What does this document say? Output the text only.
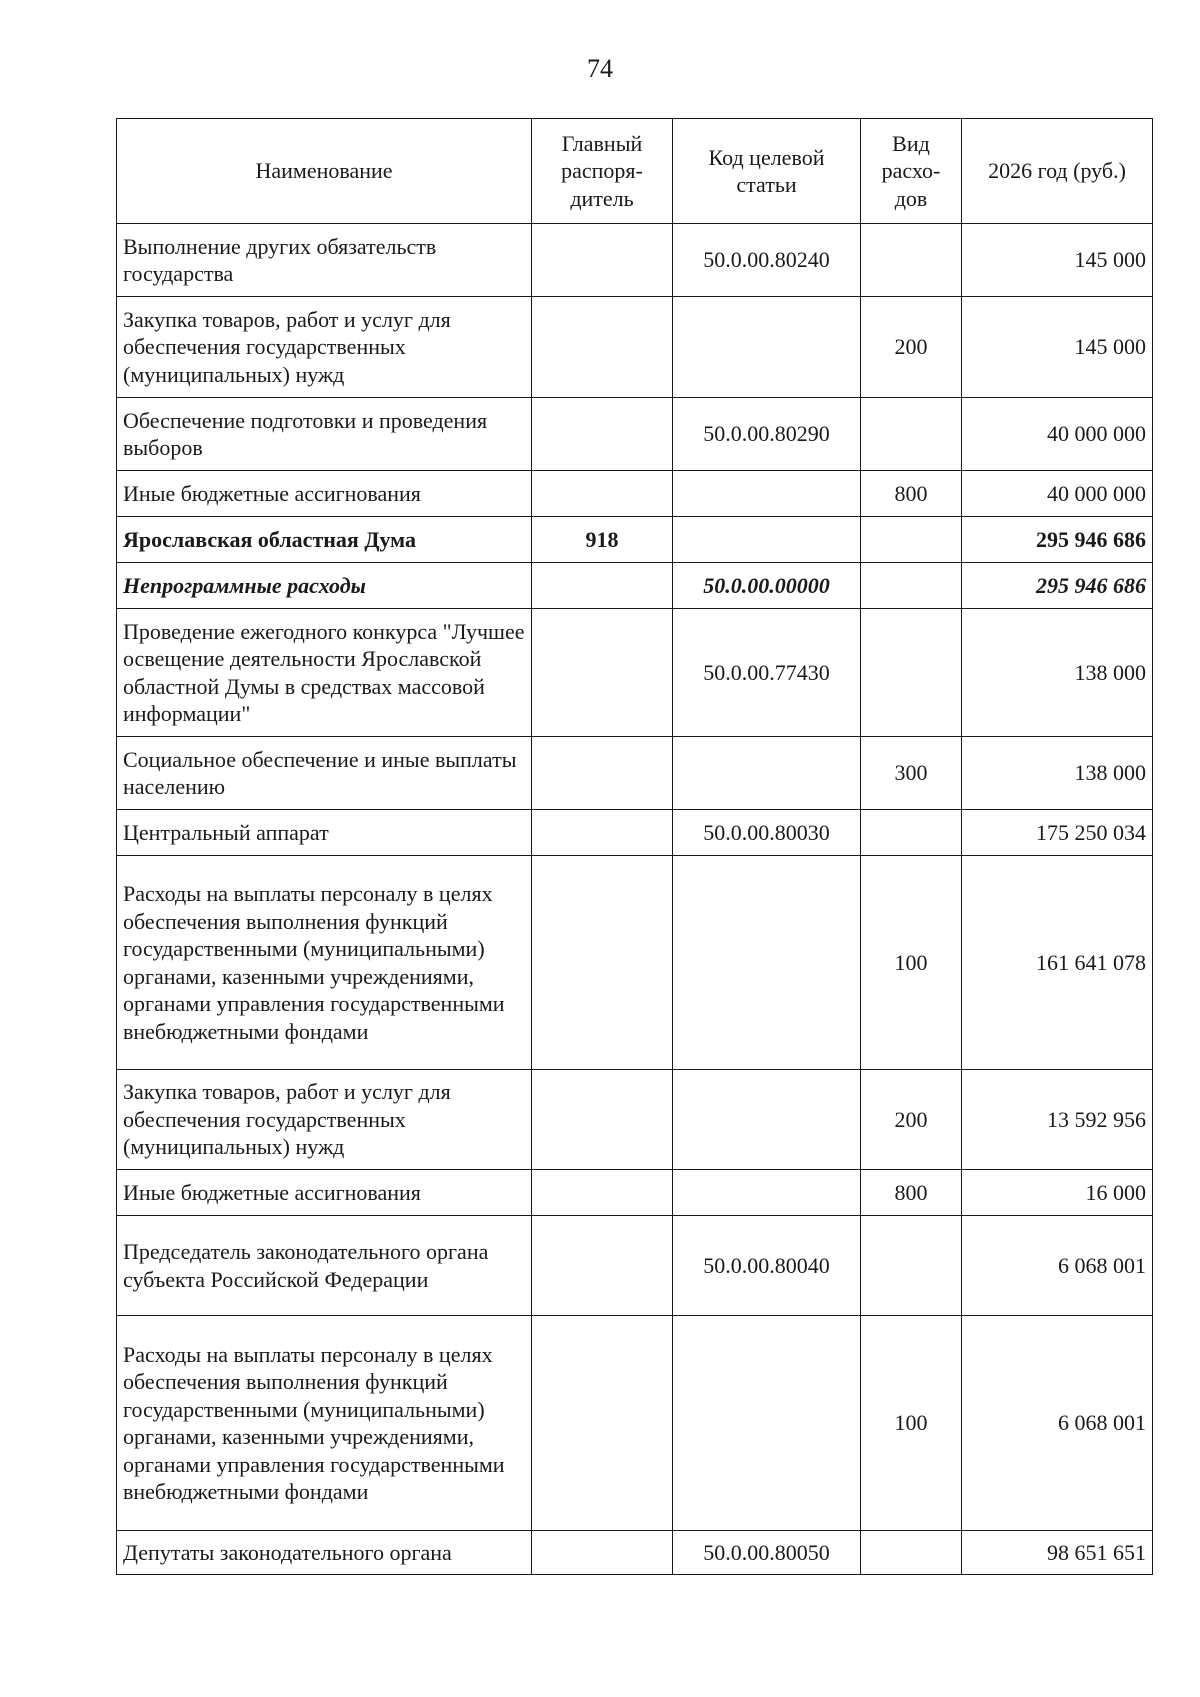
74
Наименование	Главный распоря-дитель	Код целевой статьи	Вид расхо-дов	2026 год (руб.)
Выполнение других обязательств государства		50.0.00.80240		145 000
Закупка товаров, работ и услуг для обеспечения государственных (муниципальных) нужд			200	145 000
Обеспечение подготовки и проведения выборов		50.0.00.80290		40 000 000
Иные бюджетные ассигнования			800	40 000 000
Ярославская областная Дума	918			295 946 686
Непрограммные расходы		50.0.00.00000		295 946 686
Проведение ежегодного конкурса "Лучшее освещение деятельности Ярославской областной Думы в средствах массовой информации"		50.0.00.77430		138 000
Социальное обеспечение и иные выплаты населению			300	138 000
Центральный аппарат		50.0.00.80030		175 250 034
Расходы на выплаты персоналу в целях обеспечения выполнения функций государственными (муниципальными) органами, казенными учреждениями, органами управления государственными внебюджетными фондами			100	161 641 078
Закупка товаров, работ и услуг для обеспечения государственных (муниципальных) нужд			200	13 592 956
Иные бюджетные ассигнования			800	16 000
Председатель законодательного органа субъекта Российской Федерации		50.0.00.80040		6 068 001
Расходы на выплаты персоналу в целях обеспечения выполнения функций государственными (муниципальными) органами, казенными учреждениями, органами управления государственными внебюджетными фондами			100	6 068 001
Депутаты законодательного органа		50.0.00.80050		98 651 651
